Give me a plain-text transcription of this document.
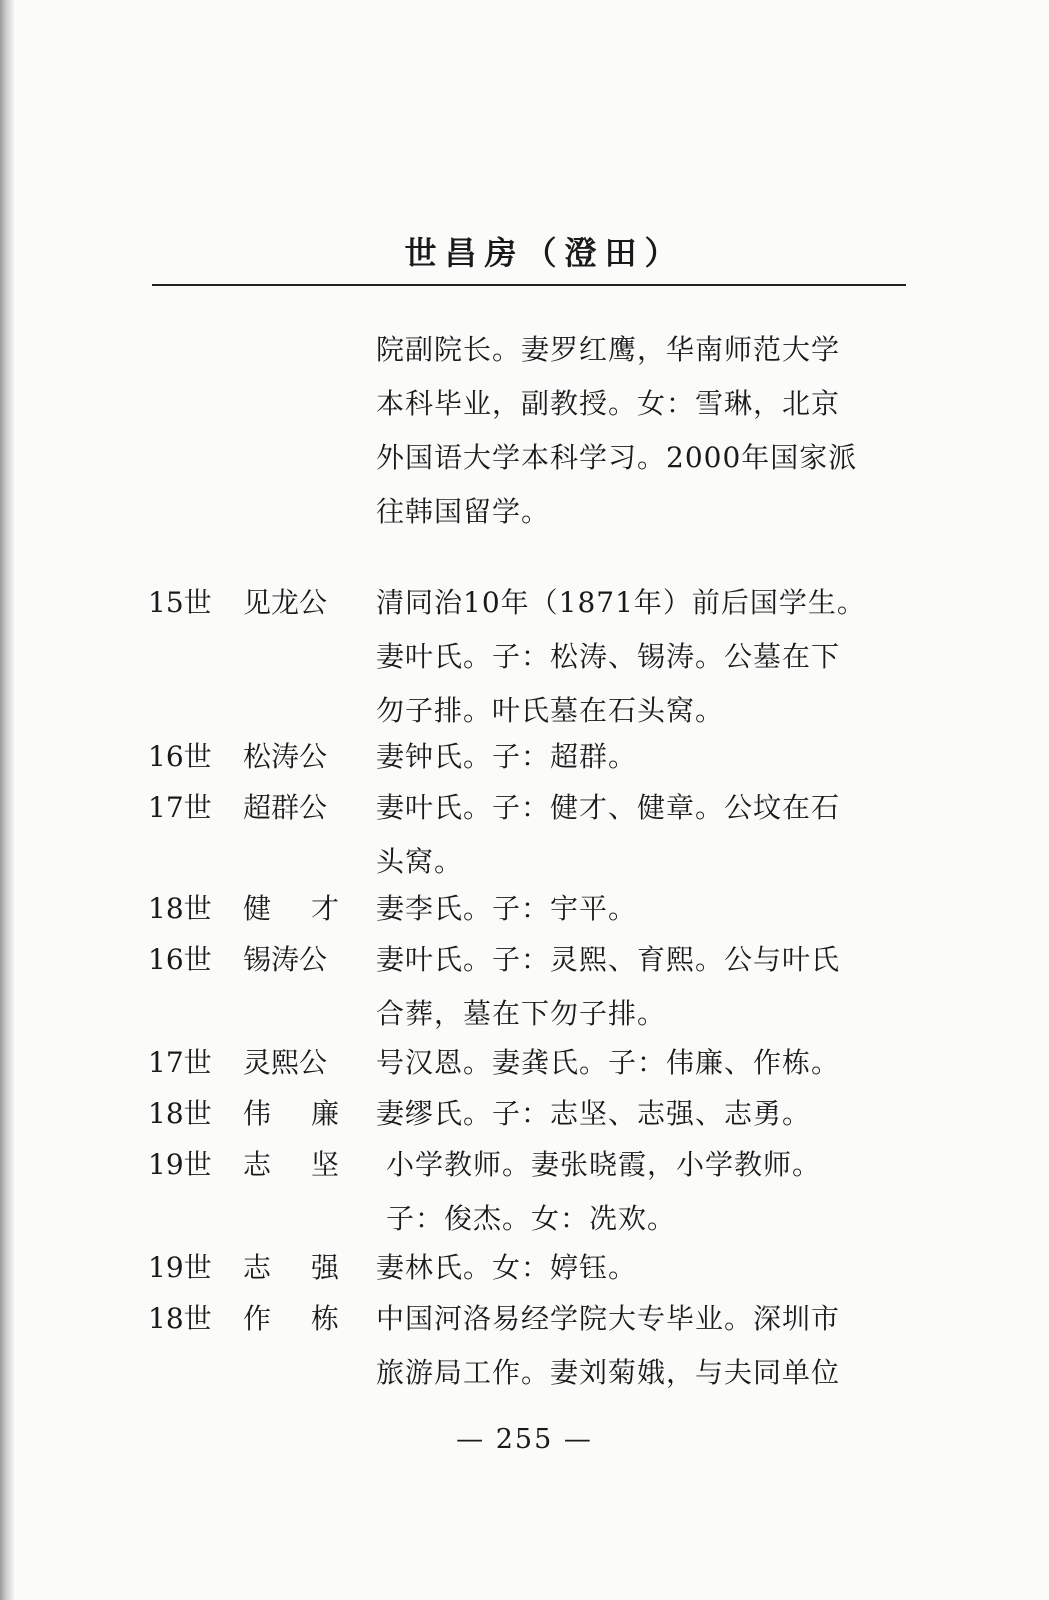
世昌房（澄田）
院副院长。妻罗红鹰，华南师范大学
本科毕业，副教授。女：雪琳，北京
外国语大学本科学习。2000年国家派
往韩国留学。
15世 见龙公 清同治10年（1871年）前后国学生。
妻叶氏。子：松涛、锡涛。公墓在下
勿子排。叶氏墓在石头窝。
16世 松涛公 妻钟氏。子：超群。
17世 超群公 妻叶氏。子：健才、健章。公坟在石
头窝。
18世 健 才 妻李氏。子：宇平。
16世 锡涛公 妻叶氏。子：灵熙、育熙。公与叶氏
合葬，墓在下勿子排。
17世 灵熙公 号汉恩。妻龚氏。子：伟廉、作栋。
18世 伟 廉 妻缪氏。子：志坚、志强、志勇。
19世 志 坚 小学教师。妻张晓霞，小学教师。
子：俊杰。女：冼欢。
19世 志 强 妻林氏。女：婷钰。
18世 作 栋 中国河洛易经学院大专毕业。深圳市
旅游局工作。妻刘菊娥，与夫同单位
— 255 —
